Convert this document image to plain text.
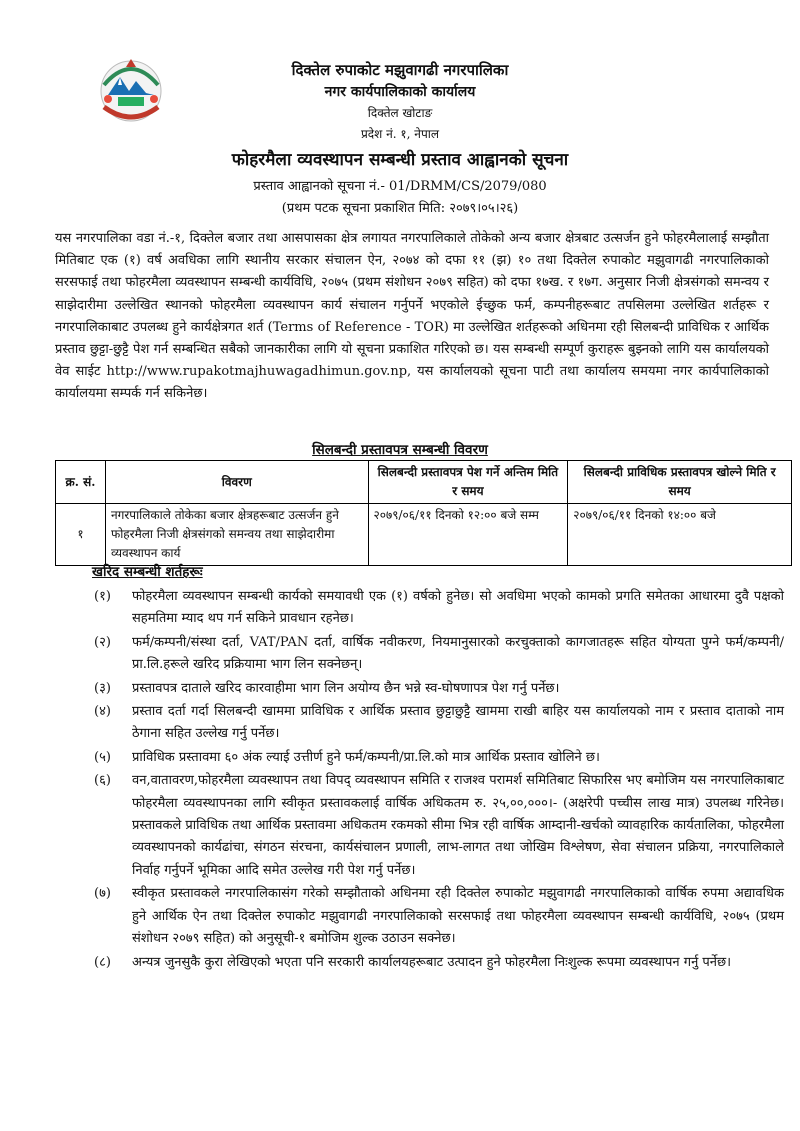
दिक्तेल रुपाकोट मझुवागढी नगरपालिका
नगर कार्यपालिकाको कार्यालय
दिक्तेल खोटाङ
प्रदेश नं. १, नेपाल
फोहरमैला व्यवस्थापन सम्बन्धी प्रस्ताव आह्वानको सूचना
प्रस्ताव आह्वानको सूचना नं.- 01/DRMM/CS/2079/080
(प्रथम पटक सूचना प्रकाशित मिति: २०७९।०५।२६)
यस नगरपालिका वडा नं.-१, दिक्तेल बजार तथा आसपासका क्षेत्र लगायत नगरपालिकाले तोकेको अन्य बजार क्षेत्रबाट उत्सर्जन हुने फोहरमैलालाई सम्झौता मितिबाट एक (१) वर्ष अवधिका लागि स्थानीय सरकार संचालन ऐन, २०७४ को दफा ११ (झ) १० तथा दिक्तेल रुपाकोट मझुवागढी नगरपालिकाको सरसफाई तथा फोहरमैला व्यवस्थापन सम्बन्धी कार्यविधि, २०७५ (प्रथम संशोधन २०७९ सहित) को दफा १७ख. र १७ग. अनुसार निजी क्षेत्रसंगको समन्वय र साझेदारीमा उल्लेखित स्थानको फोहरमैला व्यवस्थापन कार्य संचालन गर्नुपर्ने भएकोले ईच्छुक फर्म, कम्पनीहरूबाट तपसिलमा उल्लेखित शर्तहरू र नगरपालिकाबाट उपलब्ध हुने कार्यक्षेत्रगत शर्त (Terms of Reference - TOR) मा उल्लेखित शर्तहरूको अधिनमा रही सिलबन्दी प्राविधिक र आर्थिक प्रस्ताव छुट्टा-छुट्टै पेश गर्न सम्बन्धित सबैको जानकारीका लागि यो सूचना प्रकाशित गरिएको छ। यस सम्बन्धी सम्पूर्ण कुराहरू बुझ्नको लागि यस कार्यालयको वेव साईट http://www.rupakotmajhuwagadhimun.gov.np, यस कार्यालयको सूचना पाटी तथा कार्यालय समयमा नगर कार्यपालिकाको कार्यालयमा सम्पर्क गर्न सकिनेछ।
सिलबन्दी प्रस्तावपत्र सम्बन्धी विवरण
क्र. सं.	विवरण	सिलबन्दी प्रस्तावपत्र पेश गर्ने अन्तिम मिति र समय	सिलबन्दी प्राविधिक प्रस्तावपत्र खोल्ने मिति र समय
१	नगरपालिकाले तोकेका बजार क्षेत्रहरूबाट उत्सर्जन हुने फोहरमैला निजी क्षेत्रसंगको समन्वय तथा साझेदारीमा व्यवस्थापन कार्य	२०७९/०६/११ दिनको १२:०० बजे सम्म	२०७९/०६/११ दिनको १४:०० बजे
खरिद सम्बन्धी शर्तहरूः
(१)	फोहरमैला व्यवस्थापन सम्बन्धी कार्यको समयावधी एक (१) वर्षको हुनेछ। सो अवधिमा भएको कामको प्रगति समेतका आधारमा दुवै पक्षको सहमतिमा म्याद थप गर्न सकिने प्रावधान रहनेछ।
(२)	फर्म/कम्पनी/संस्था दर्ता, VAT/PAN दर्ता, वार्षिक नवीकरण, नियमानुसारको करचुक्ताको कागजातहरू सहित योग्यता पुग्ने फर्म/कम्पनी/प्रा.लि.हरूले खरिद प्रक्रियामा भाग लिन सक्नेछन्।
(३)	प्रस्तावपत्र दाताले खरिद कारवाहीमा भाग लिन अयोग्य छैन भन्ने स्व-घोषणापत्र पेश गर्नु पर्नेछ।
(४)	प्रस्ताव दर्ता गर्दा सिलबन्दी खाममा प्राविधिक र आर्थिक प्रस्ताव छुट्टाछुट्टै खाममा राखी बाहिर यस कार्यालयको नाम र प्रस्ताव दाताको नाम ठेगाना सहित उल्लेख गर्नु पर्नेछ।
(५)	प्राविधिक प्रस्तावमा ६० अंक ल्याई उत्तीर्ण हुने फर्म/कम्पनी/प्रा.लि.को मात्र आर्थिक प्रस्ताव खोलिने छ।
(६)	वन,वातावरण,फोहरमैला व्यवस्थापन तथा विपद् व्यवस्थापन समिति र राजश्व परामर्श समितिबाट सिफारिस भए बमोजिम यस नगरपालिकाबाट फोहरमैला व्यवस्थापनका लागि स्वीकृत प्रस्तावकलाई वार्षिक अधिकतम रु. २५,००,०००।- (अक्षरेपी पच्चीस लाख मात्र) उपलब्ध गरिनेछ। प्रस्तावकले प्राविधिक तथा आर्थिक प्रस्तावमा अधिकतम रकमको सीमा भित्र रही वार्षिक आम्दानी-खर्चको व्यावहारिक कार्यतालिका, फोहरमैला व्यवस्थापनको कार्यढांचा, संगठन संरचना, कार्यसंचालन प्रणाली, लाभ-लागत तथा जोखिम विश्लेषण, सेवा संचालन प्रक्रिया, नगरपालिकाले निर्वाह गर्नुपर्ने भूमिका आदि समेत उल्लेख गरी पेश गर्नु पर्नेछ।
(७)	स्वीकृत प्रस्तावकले नगरपालिकासंग गरेको सम्झौताको अधिनमा रही दिक्तेल रुपाकोट मझुवागढी नगरपालिकाको वार्षिक रुपमा अद्यावधिक हुने आर्थिक ऐन तथा दिक्तेल रुपाकोट मझुवागढी नगरपालिकाको सरसफाई तथा फोहरमैला व्यवस्थापन सम्बन्धी कार्यविधि, २०७५ (प्रथम संशोधन २०७९ सहित) को अनुसूची-१ बमोजिम शुल्क उठाउन सक्नेछ।
(८)	अन्यत्र जुनसुकै कुरा लेखिएको भएता पनि सरकारी कार्यालयहरूबाट उत्पादन हुने फोहरमैला निःशुल्क रूपमा व्यवस्थापन गर्नु पर्नेछ।
